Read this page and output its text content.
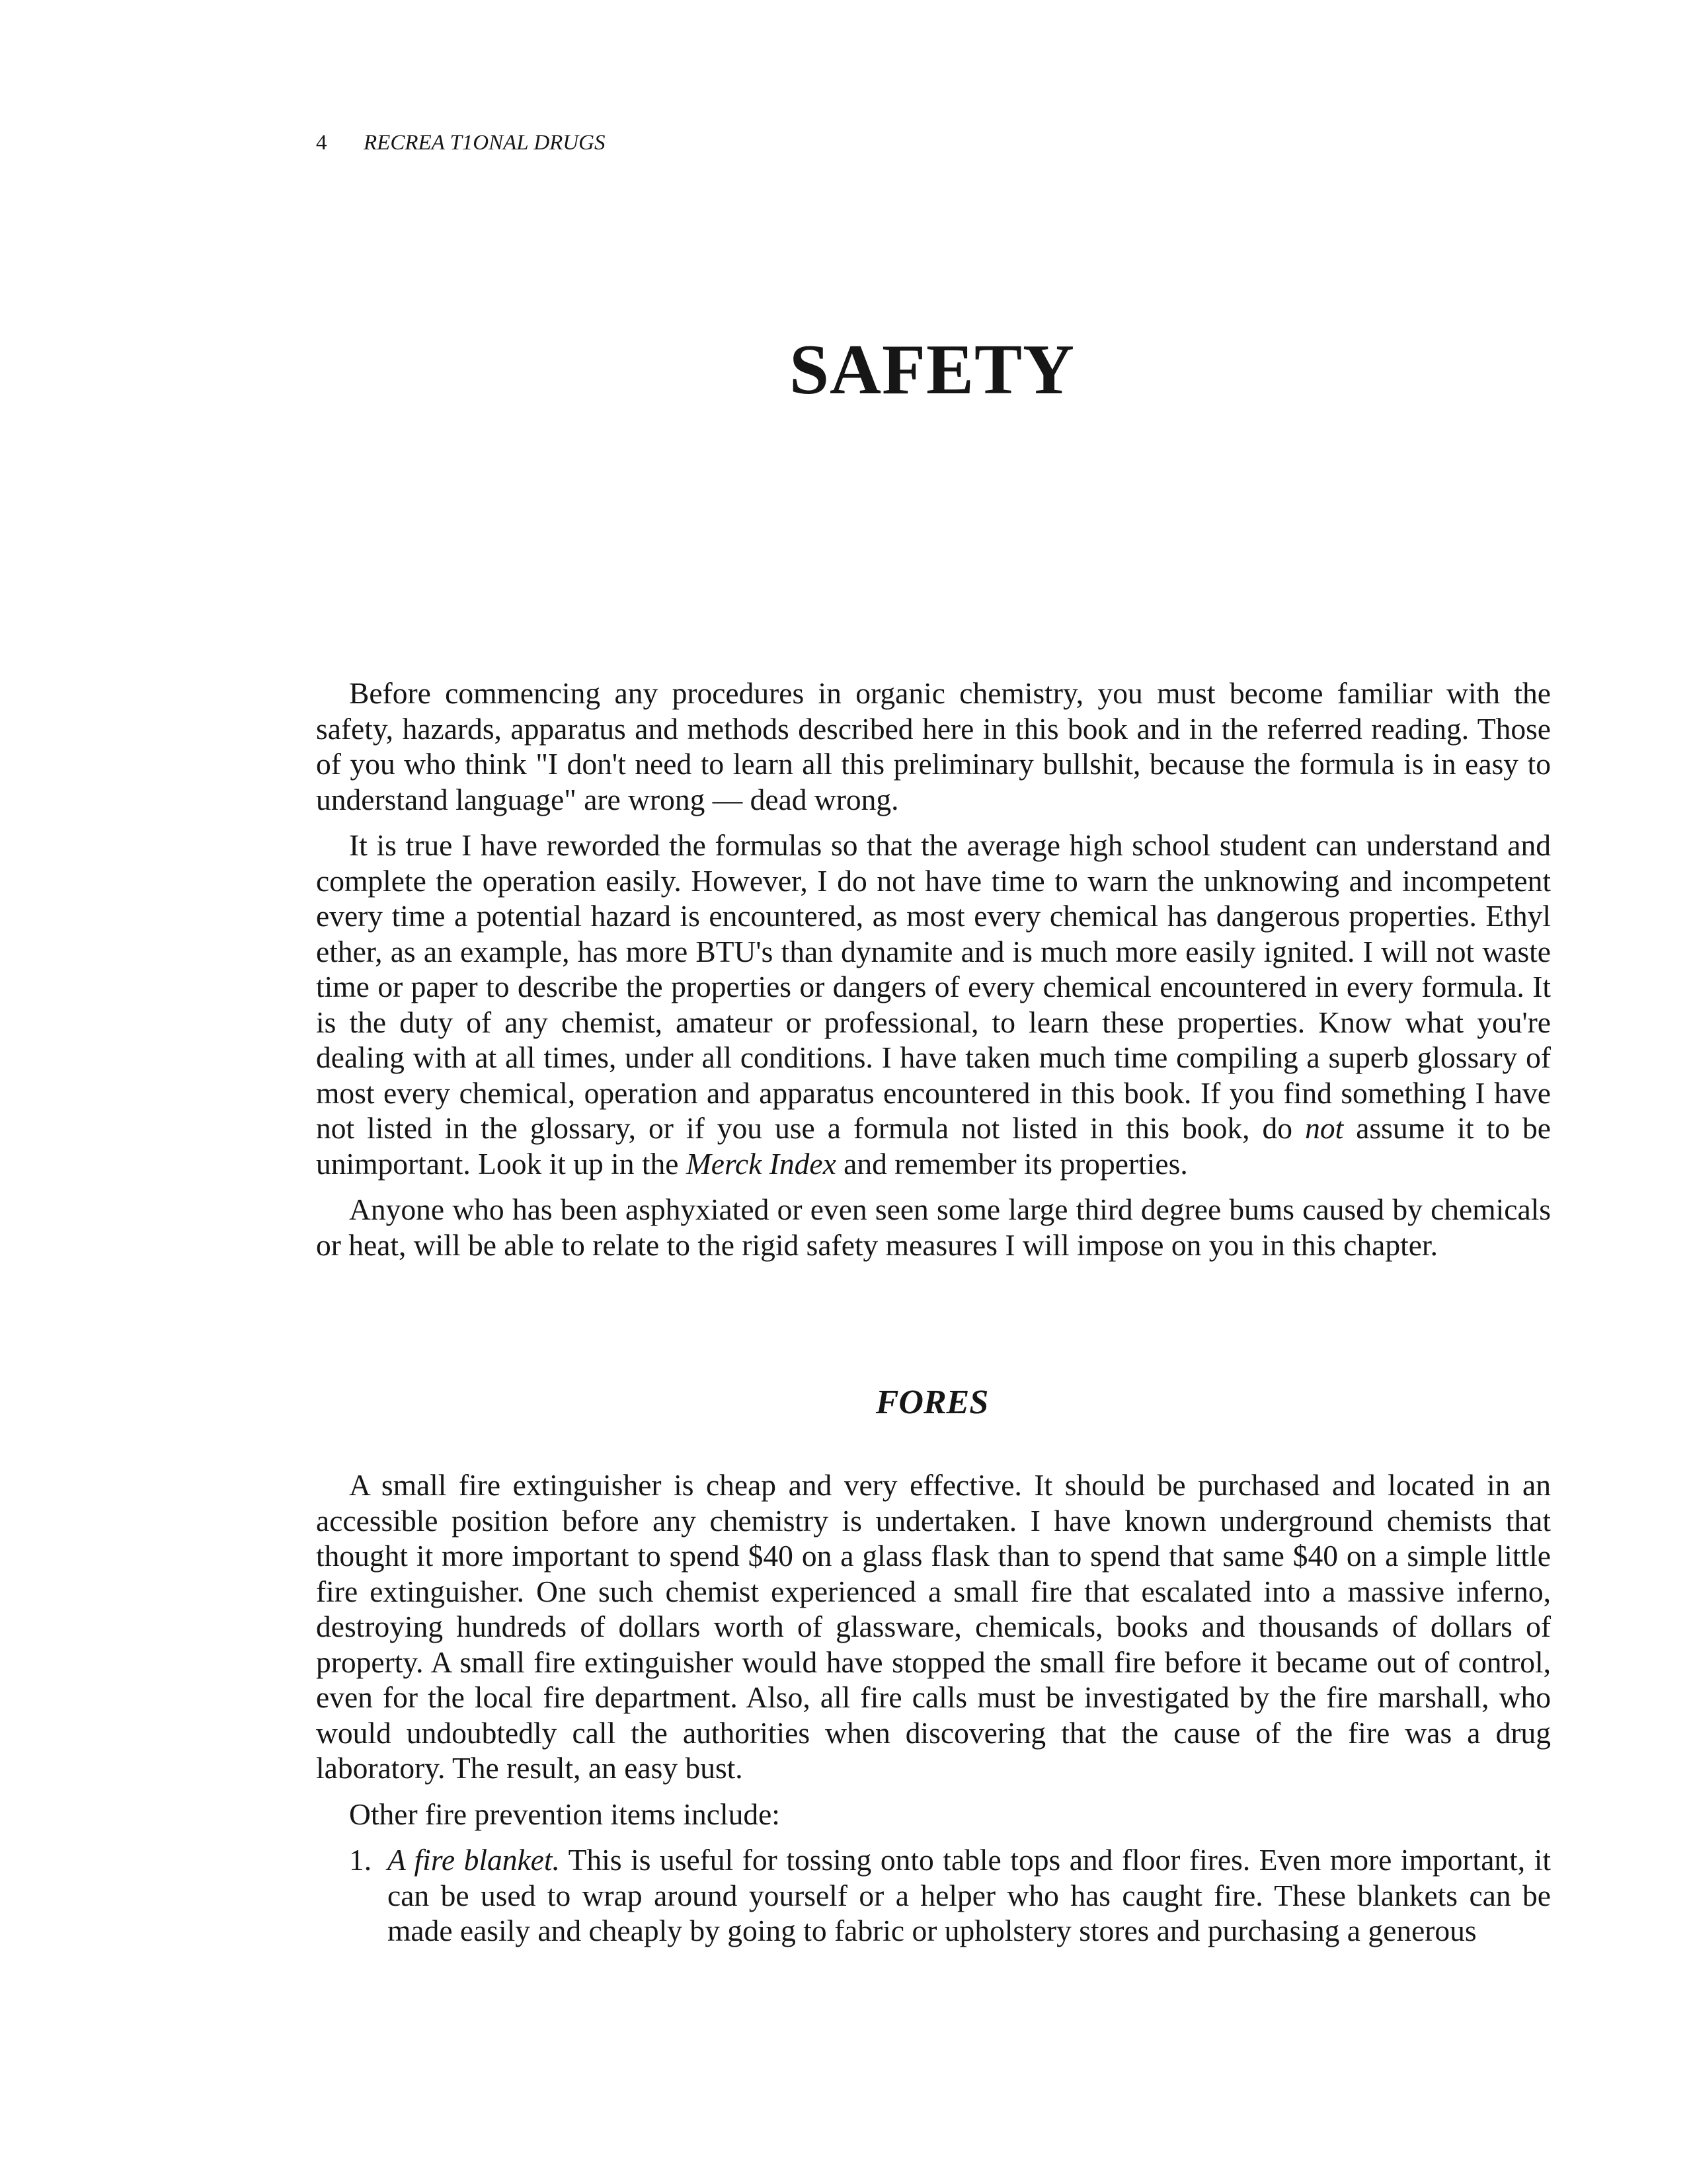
4 RECREA T1ONAL DRUGS
SAFETY

Before commencing any procedures in organic chemistry, you must become familiar with the safety, hazards, apparatus and methods described here in this book and in the referred reading. Those of you who think "I don't need to learn all this preliminary bullshit, because the formula is in easy to understand language" are wrong — dead wrong.

It is true I have reworded the formulas so that the average high school student can understand and complete the operation easily. However, I do not have time to warn the unknowing and incompetent every time a potential hazard is encountered, as most every chemical has dangerous properties. Ethyl ether, as an example, has more BTU's than dynamite and is much more easily ignited. I will not waste time or paper to describe the properties or dangers of every chemical encountered in every formula. It is the duty of any chemist, amateur or professional, to learn these properties. Know what you're dealing with at all times, under all conditions. I have taken much time compiling a superb glossary of most every chemical, operation and apparatus encountered in this book. If you find something I have not listed in the glossary, or if you use a formula not listed in this book, do not assume it to be unimportant. Look it up in the Merck Index and remember its properties.

Anyone who has been asphyxiated or even seen some large third degree bums caused by chemicals or heat, will be able to relate to the rigid safety measures I will impose on you in this chapter.

FORES

A small fire extinguisher is cheap and very effective. It should be purchased and located in an accessible position before any chemistry is undertaken. I have known underground chemists that thought it more important to spend $40 on a glass flask than to spend that same $40 on a simple little fire extinguisher. One such chemist experienced a small fire that escalated into a massive inferno, destroying hundreds of dollars worth of glassware, chemicals, books and thousands of dollars of property. A small fire extinguisher would have stopped the small fire before it became out of control, even for the local fire department. Also, all fire calls must be investigated by the fire marshall, who would undoubtedly call the authorities when discovering that the cause of the fire was a drug laboratory. The result, an easy bust.

Other fire prevention items include:

1. A fire blanket. This is useful for tossing onto table tops and floor fires. Even more important, it can be used to wrap around yourself or a helper who has caught fire. These blankets can be made easily and cheaply by going to fabric or upholstery stores and purchasing a generous
